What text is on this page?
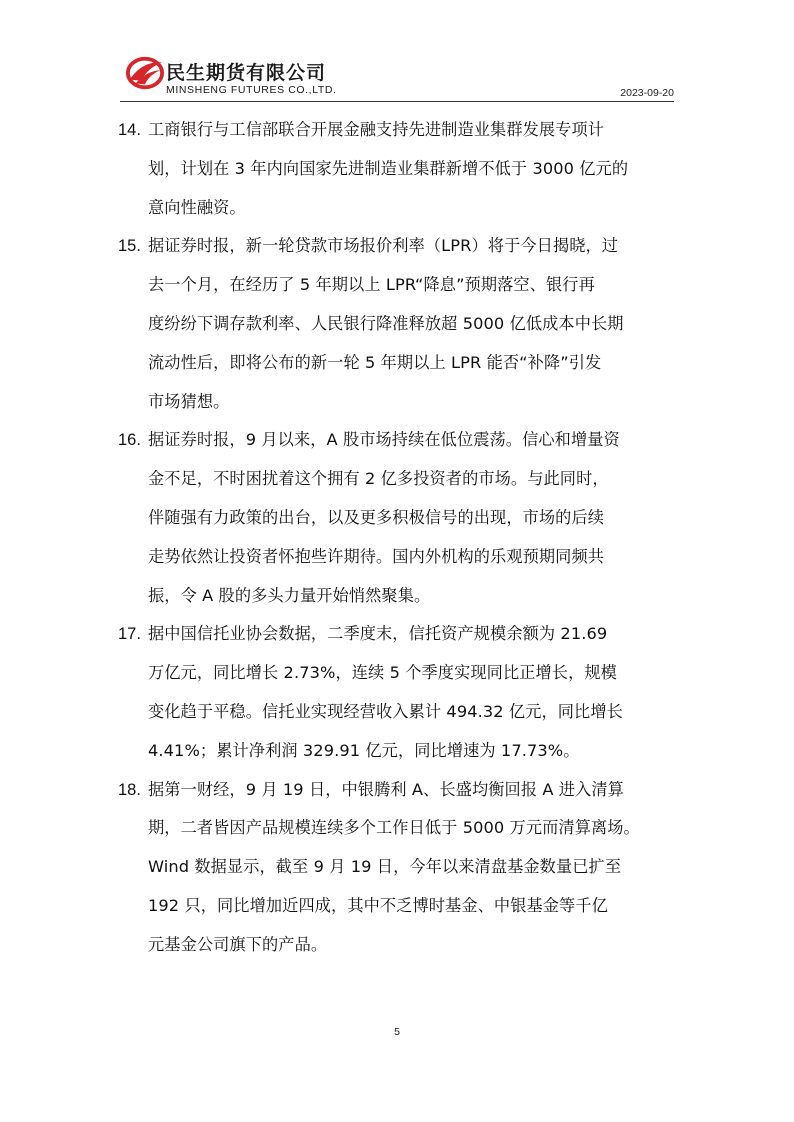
民生期货有限公司
MINSHENG FUTURES CO.,LTD.	2023-09-20
14. 工商银行与工信部联合开展金融支持先进制造业集群发展专项计
划，计划在 3 年内向国家先进制造业集群新增不低于 3000 亿元的
意向性融资。
15. 据证券时报，新一轮贷款市场报价利率（LPR）将于今日揭晓，过
去一个月，在经历了 5 年期以上 LPR“降息”预期落空、银行再
度纷纷下调存款利率、人民银行降准释放超 5000 亿低成本中长期
流动性后，即将公布的新一轮 5 年期以上 LPR 能否“补降”引发
市场猜想。
16. 据证券时报，9 月以来，A 股市场持续在低位震荡。信心和增量资
金不足，不时困扰着这个拥有 2 亿多投资者的市场。与此同时，
伴随强有力政策的出台，以及更多积极信号的出现，市场的后续
走势依然让投资者怀抱些许期待。国内外机构的乐观预期同频共
振，令 A 股的多头力量开始悄然聚集。
17. 据中国信托业协会数据，二季度末，信托资产规模余额为 21.69
万亿元，同比增长 2.73%，连续 5 个季度实现同比正增长，规模
变化趋于平稳。信托业实现经营收入累计 494.32 亿元，同比增长
4.41%；累计净利润 329.91 亿元，同比增速为 17.73%。
18. 据第一财经，9 月 19 日，中银腾利 A、长盛均衡回报 A 进入清算
期，二者皆因产品规模连续多个工作日低于 5000 万元而清算离场。
Wind 数据显示，截至 9 月 19 日，今年以来清盘基金数量已扩至
192 只，同比增加近四成，其中不乏博时基金、中银基金等千亿
元基金公司旗下的产品。
5
